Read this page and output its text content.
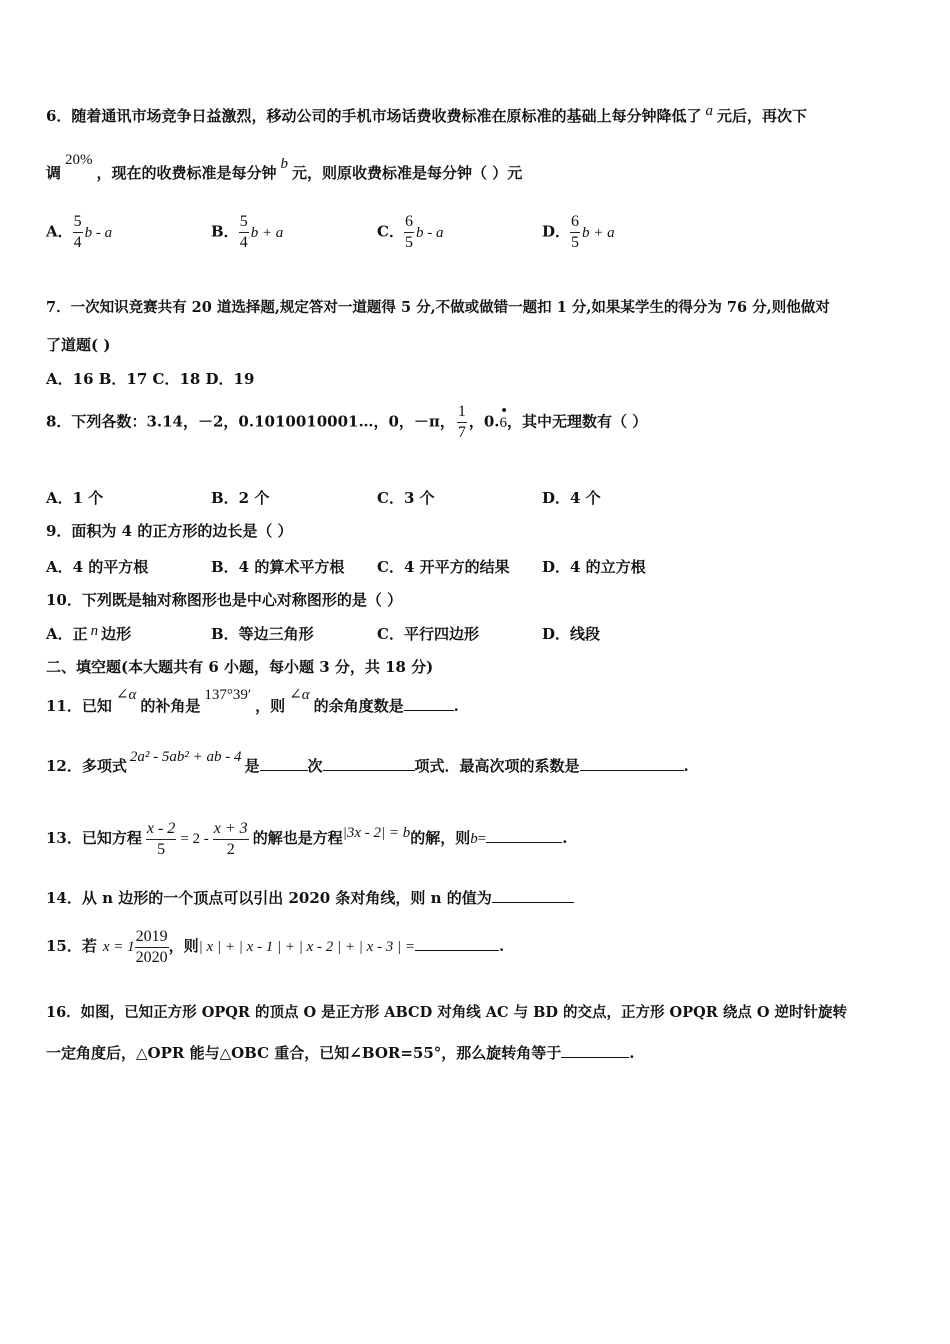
6．随着通讯市场竞争日益激烈，移动公司的手机市场话费收费标准在原标准的基础上每分钟降低了 a 元后，再次下
调20%，现在的收费标准是每分钟 b 元，则原收费标准是每分钟（ ）元
A． $\frac{5}{4}$ b - a	B． $\frac{5}{4}$ b + a	C． $\frac{6}{5}$ b - a	D． $\frac{6}{5}$ b + a
7．一次知识竞赛共有 20 道选择题,规定答对一道题得 5 分,不做或做错一题扣 1 分,如果某学生的得分为 76 分,则他做对
了道题( )
A．16 B．17 C．18 D．19
8．下列各数：3.14，－2，0.1010010001…，0，－π， $\frac{1}{7}$ ，0.
•
6，其中无理数有（ ）
A．1 个	B．2 个	C．3 个	D．4 个
9．面积为 4 的正方形的边长是（ ）
A．4 的平方根	B．4 的算术平方根 C．4 开平方的结果 D．4 的立方根
10．下列既是轴对称图形也是中心对称图形的是（ ）
A．正 n 边形	B．等边三角形	C．平行四边形	D．线段
二、填空题(本大题共有 6 小题，每小题 3 分，共 18 分)
11．已知∠α的补角是137°39′，则∠α的余角度数是	.
12．多项式 2a² - 5ab² + ab - 4 是	次	项式．最高次项的系数是	.
13．已知方程 $\frac{x - 2}{5} = 2 - \frac{x + 3}{2}$ 的解也是方程|3x - 2| = b的解，则b=	.
14．从 n 边形的一个顶点可以引出 2020 条对角线，则 n 的值为
15．若 $x = 1 \frac{2019}{2020}$ ，则| x | + | x - 1 | + | x - 2 | + | x - 3 | =	.
16．如图，已知正方形 OPQR 的顶点 O 是正方形 ABCD 对角线 AC 与 BD 的交点，正方形 OPQR 绕点 O 逆时针旋转
一定角度后，△OPR 能与△OBC 重合，已知∠BOR=55°，那么旋转角等于	.
